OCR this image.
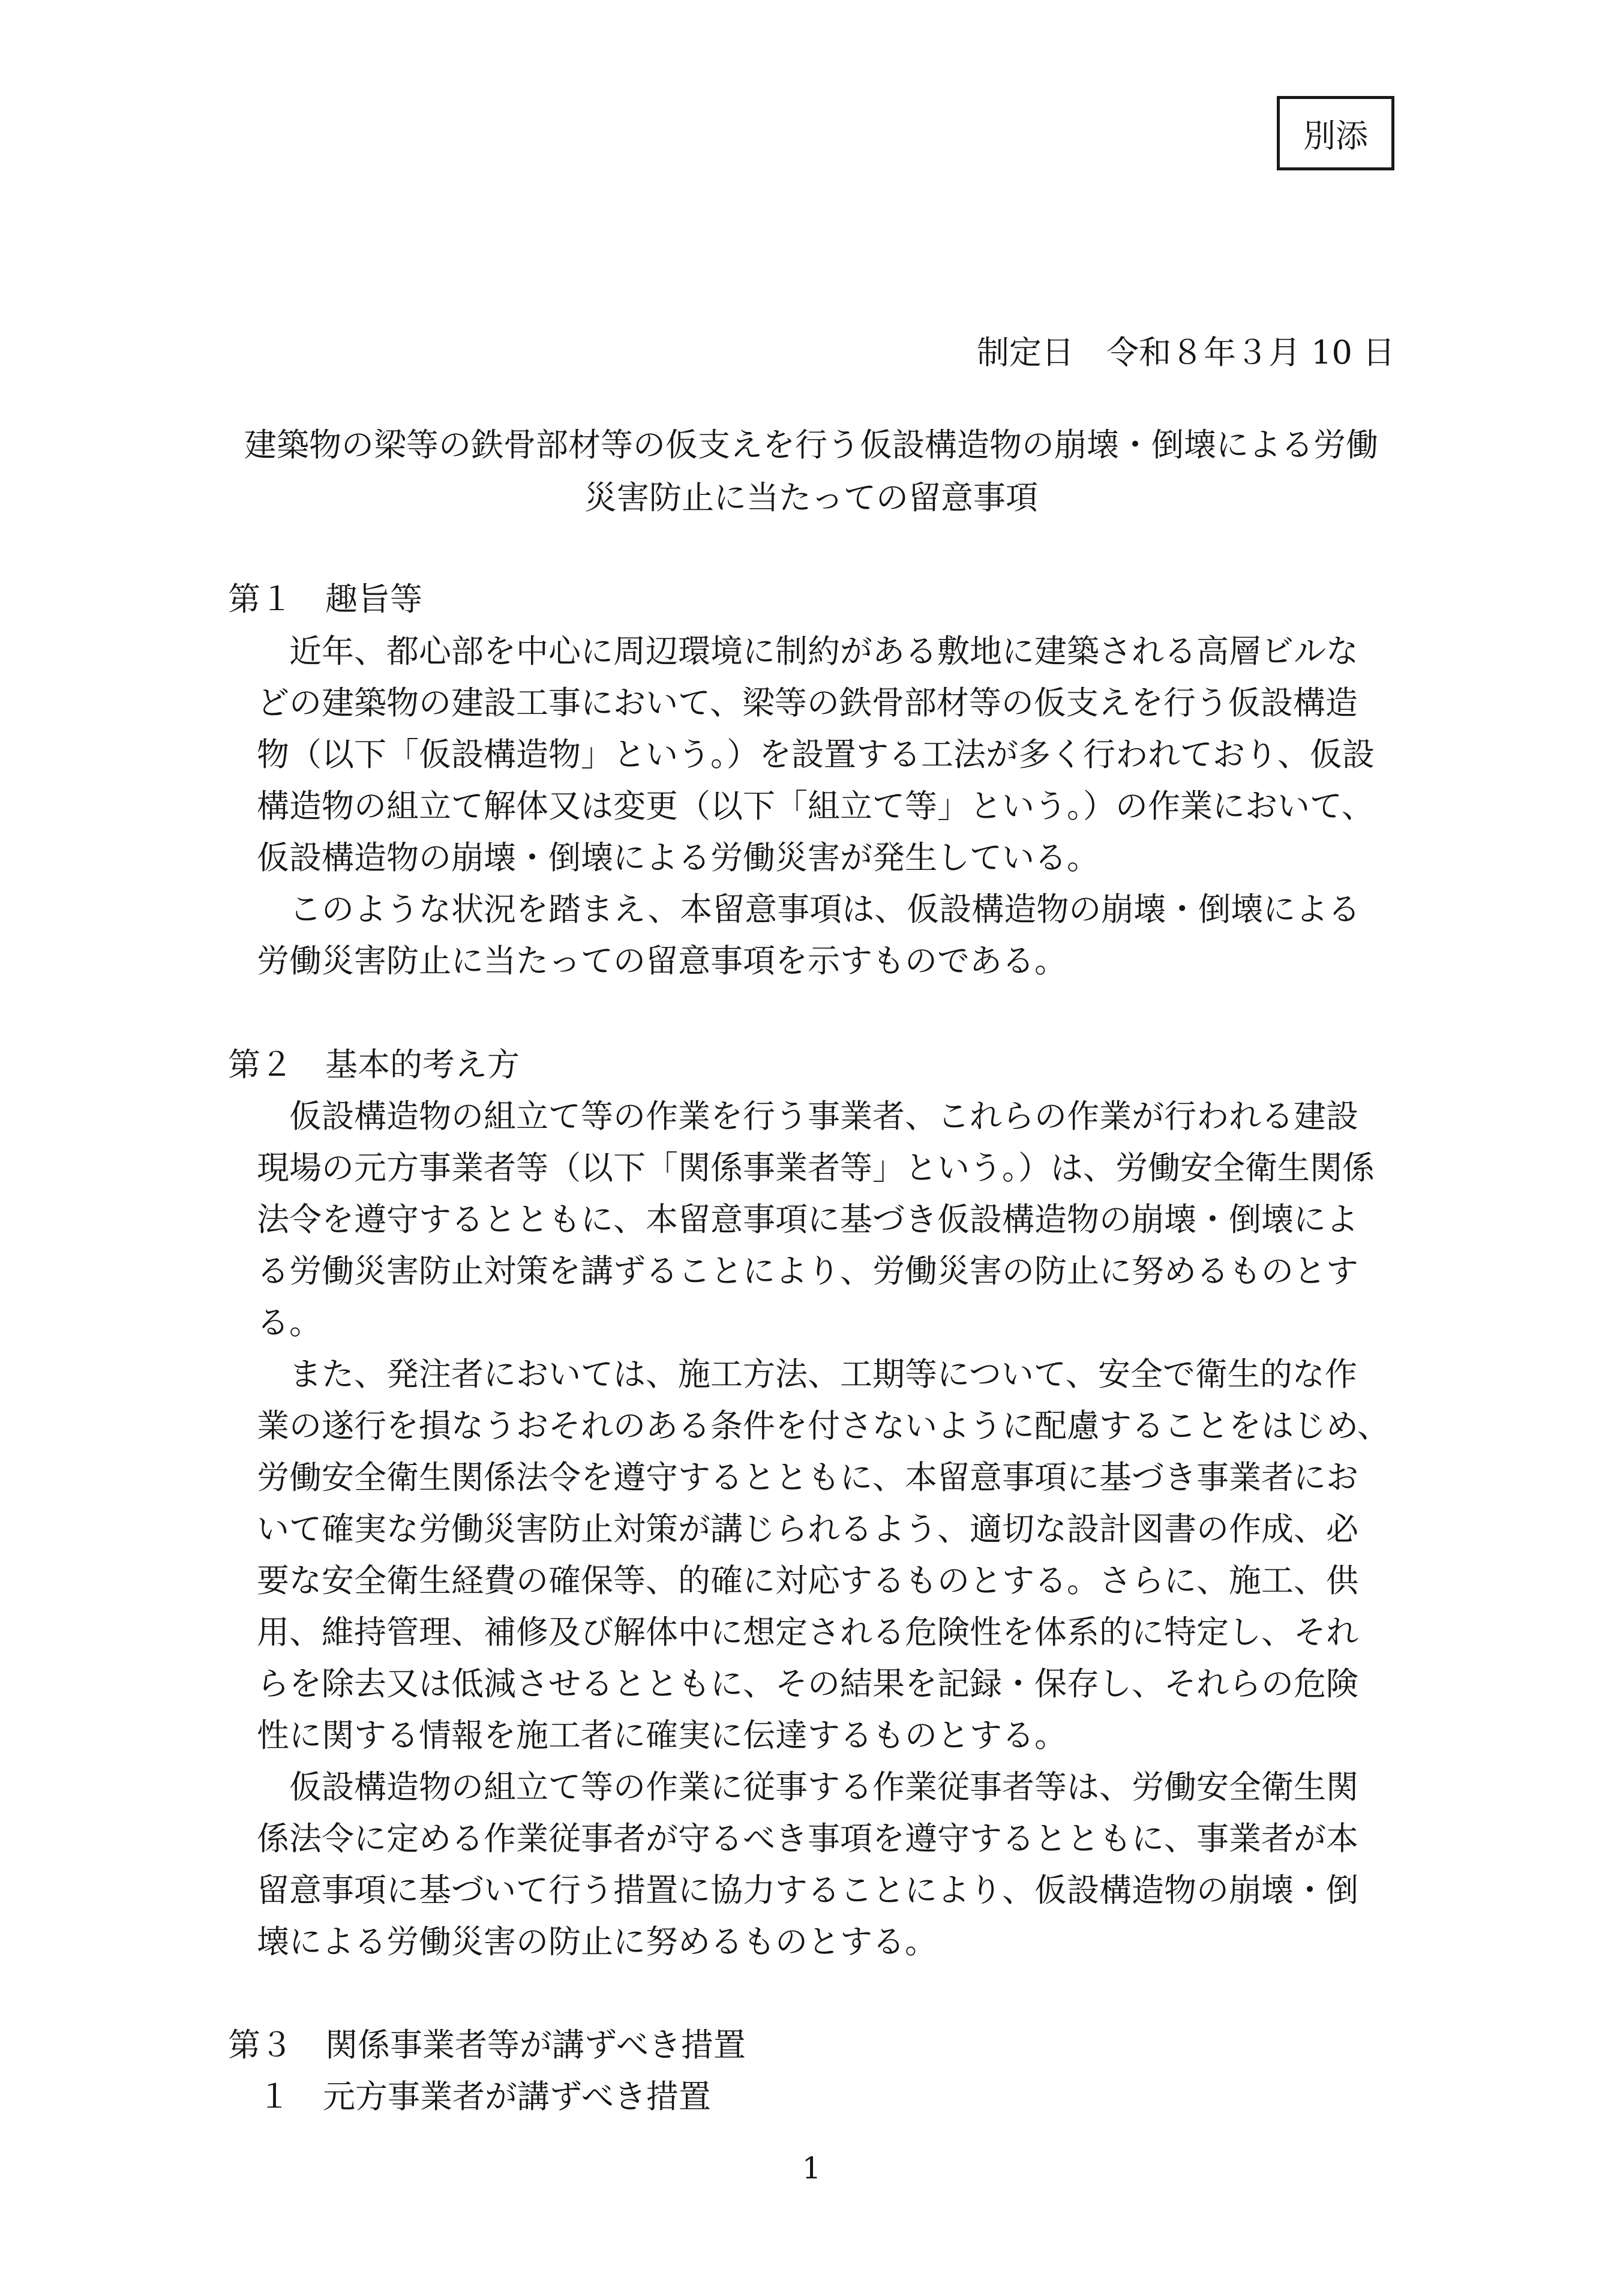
別添
制定日　令和８年３月 10 日
建築物の梁等の鉄骨部材等の仮支えを行う仮設構造物の崩壊・倒壊による労働
災害防止に当たっての留意事項
第１　趣旨等
近年、都心部を中心に周辺環境に制約がある敷地に建築される高層ビルな
どの建築物の建設工事において、梁等の鉄骨部材等の仮支えを行う仮設構造
物（以下「仮設構造物」という。）を設置する工法が多く行われており、仮設
構造物の組立て解体又は変更（以下「組立て等」という。）の作業において、
仮設構造物の崩壊・倒壊による労働災害が発生している。
このような状況を踏まえ、本留意事項は、仮設構造物の崩壊・倒壊による
労働災害防止に当たっての留意事項を示すものである。
第２　基本的考え方
仮設構造物の組立て等の作業を行う事業者、これらの作業が行われる建設
現場の元方事業者等（以下「関係事業者等」という。）は、労働安全衛生関係
法令を遵守するとともに、本留意事項に基づき仮設構造物の崩壊・倒壊によ
る労働災害防止対策を講ずることにより、労働災害の防止に努めるものとす
る。
また、発注者においては、施工方法、工期等について、安全で衛生的な作
業の遂行を損なうおそれのある条件を付さないように配慮することをはじめ、
労働安全衛生関係法令を遵守するとともに、本留意事項に基づき事業者にお
いて確実な労働災害防止対策が講じられるよう、適切な設計図書の作成、必
要な安全衛生経費の確保等、的確に対応するものとする。さらに、施工、供
用、維持管理、補修及び解体中に想定される危険性を体系的に特定し、それ
らを除去又は低減させるとともに、その結果を記録・保存し、それらの危険
性に関する情報を施工者に確実に伝達するものとする。
仮設構造物の組立て等の作業に従事する作業従事者等は、労働安全衛生関
係法令に定める作業従事者が守るべき事項を遵守するとともに、事業者が本
留意事項に基づいて行う措置に協力することにより、仮設構造物の崩壊・倒
壊による労働災害の防止に努めるものとする。
第３　関係事業者等が講ずべき措置
１　元方事業者が講ずべき措置
1
